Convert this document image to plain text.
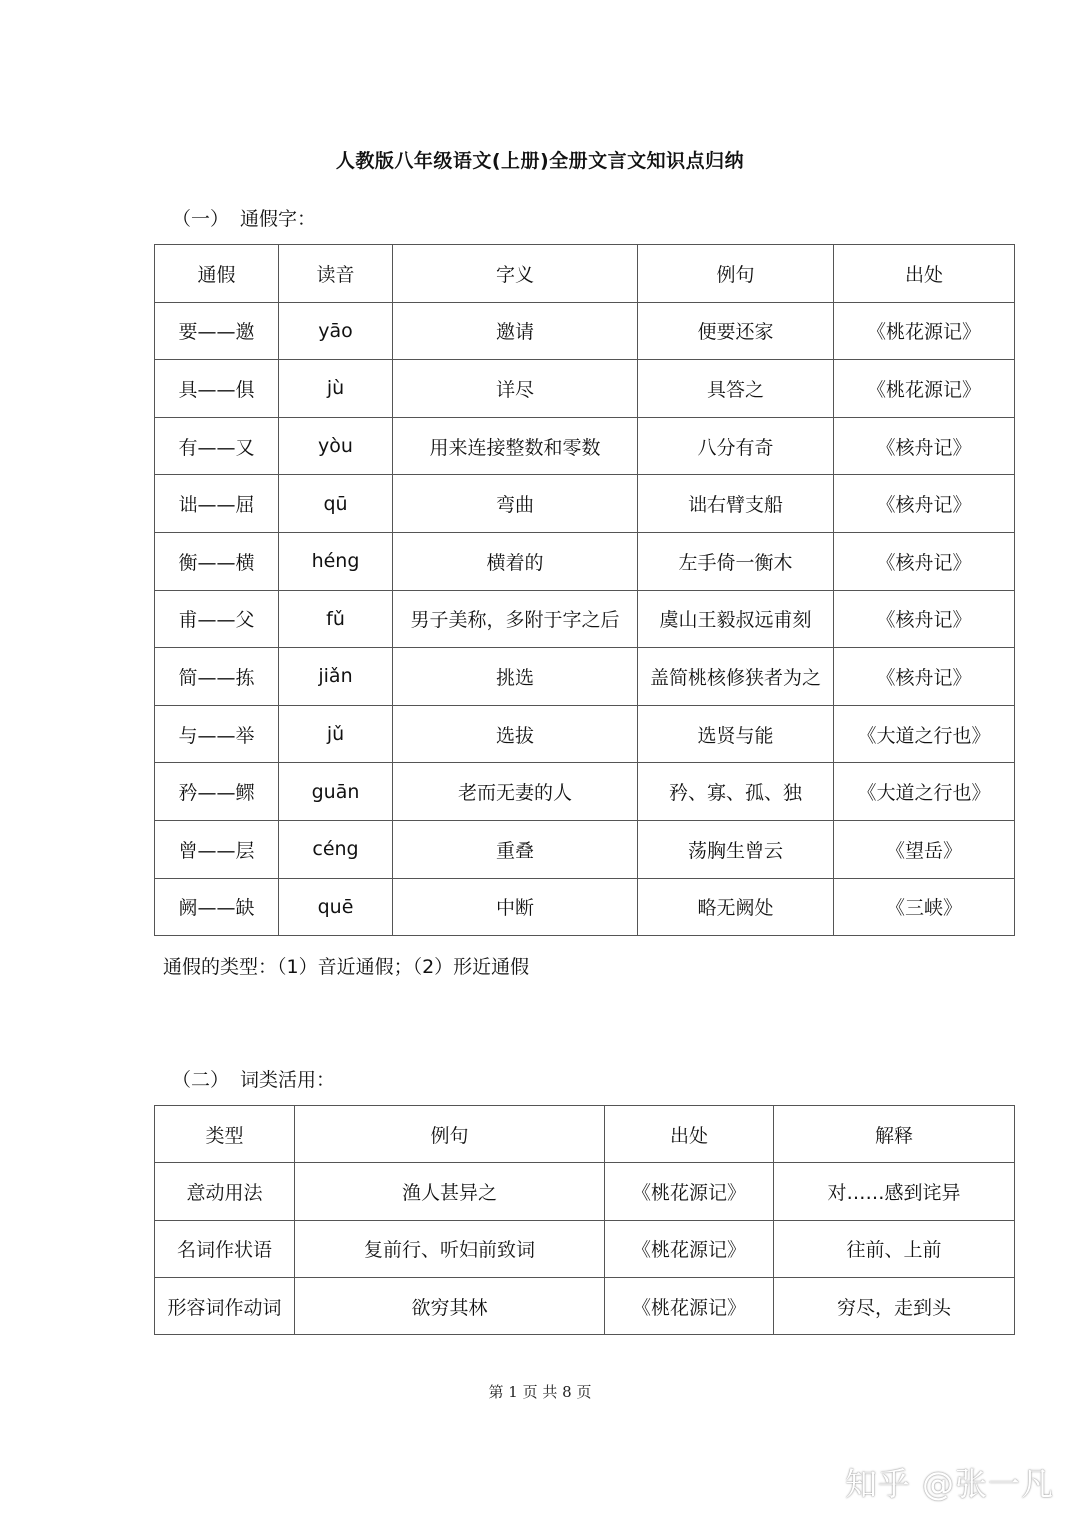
人教版八年级语文(上册)全册文言文知识点归纳
（一） 通假字：
通假	读音	字义	例句	出处
要——邀	yāo	邀请	便要还家	《桃花源记》
具——俱	jù	详尽	具答之	《桃花源记》
有——又	yòu	用来连接整数和零数	八分有奇	《核舟记》
诎——屈	qū	弯曲	诎右臂支船	《核舟记》
衡——横	héng	横着的	左手倚一衡木	《核舟记》
甫——父	fǔ	男子美称，多附于字之后	虞山王毅叔远甫刻	《核舟记》
简——拣	jiǎn	挑选	盖简桃核修狭者为之	《核舟记》
与——举	jǔ	选拔	选贤与能	《大道之行也》
矜——鳏	guān	老而无妻的人	矜、寡、孤、独	《大道之行也》
曾——层	céng	重叠	荡胸生曾云	《望岳》
阙——缺	quē	中断	略无阙处	《三峡》
通假的类型：（1）音近通假；（2）形近通假
（二） 词类活用：
类型	例句	出处	解释
意动用法	渔人甚异之	《桃花源记》	对……感到诧异
名词作状语	复前行、听妇前致词	《桃花源记》	往前、上前
形容词作动词	欲穷其林	《桃花源记》	穷尽，走到头
第 1 页 共 8 页
知乎 @张一凡
